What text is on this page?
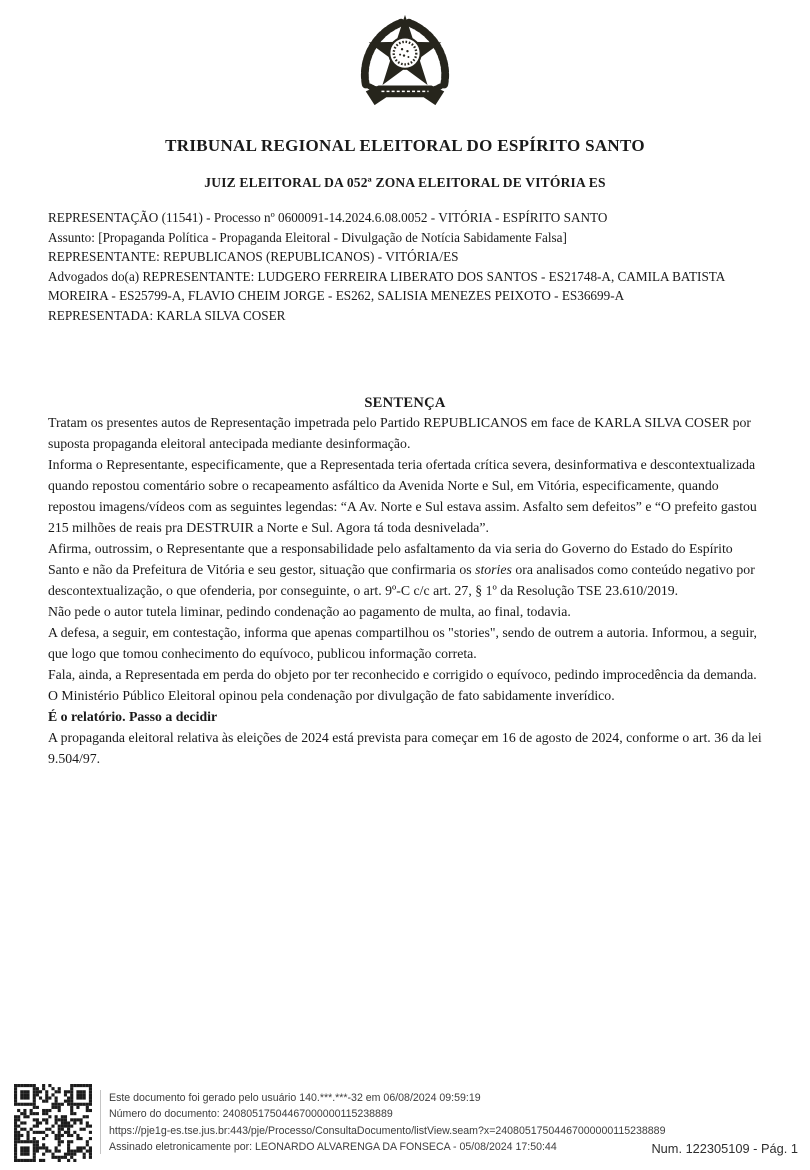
TRIBUNAL REGIONAL ELEITORAL DO ESPÍRITO SANTO
JUIZ ELEITORAL DA 052ª ZONA ELEITORAL DE VITÓRIA ES

REPRESENTAÇÃO (11541) - Processo nº 0600091-14.2024.6.08.0052 - VITÓRIA - ESPÍRITO SANTO

Assunto: [Propaganda Política - Propaganda Eleitoral - Divulgação de Notícia Sabidamente Falsa]

REPRESENTANTE: REPUBLICANOS (REPUBLICANOS) - VITÓRIA/ES

Advogados do(a) REPRESENTANTE: LUDGERO FERREIRA LIBERATO DOS SANTOS - ES21748-A, CAMILA BATISTA MOREIRA - ES25799-A, FLAVIO CHEIM JORGE - ES262, SALISIA MENEZES PEIXOTO - ES36699-A

REPRESENTADA: KARLA SILVA COSER

SENTENÇA

Tratam os presentes autos de Representação impetrada pelo Partido REPUBLICANOS em face de KARLA SILVA COSER por suposta propaganda eleitoral antecipada mediante desinformação.

Informa o Representante, especificamente, que a Representada teria ofertada crítica severa, desinformativa e descontextualizada quando repostou comentário sobre o recapeamento asfáltico da Avenida Norte e Sul, em Vitória, especificamente, quando repostou imagens/vídeos com as seguintes legendas: “A Av. Norte e Sul estava assim. Asfalto sem defeitos” e “O prefeito gastou 215 milhões de reais pra DESTRUIR a Norte e Sul. Agora tá toda desnivelada”.

Afirma, outrossim, o Representante que a responsabilidade pelo asfaltamento da via seria do Governo do Estado do Espírito Santo e não da Prefeitura de Vitória e seu gestor, situação que confirmaria os stories ora analisados como conteúdo negativo por descontextualização, o que ofenderia, por conseguinte, o art. 9º-C c/c art. 27, § 1º da Resolução TSE 23.610/2019.

Não pede o autor tutela liminar, pedindo condenação ao pagamento de multa, ao final, todavia.

A defesa, a seguir, em contestação, informa que apenas compartilhou os "stories", sendo de outrem a autoria. Informou, a seguir, que logo que tomou conhecimento do equívoco, publicou informação correta.

Fala, ainda, a Representada em perda do objeto por ter reconhecido e corrigido o equívoco, pedindo improcedência da demanda.

O Ministério Público Eleitoral opinou pela condenação por divulgação de fato sabidamente inverídico.

É o relatório. Passo a decidir

A propaganda eleitoral relativa às eleições de 2024 está prevista para começar em 16 de agosto de 2024, conforme o art. 36 da lei 9.504/97.

Este documento foi gerado pelo usuário 140.***.***-32 em 06/08/2024 09:59:19

Número do documento: 24080517504467000000115238889

https://pje1g-es.tse.jus.br:443/pje/Processo/ConsultaDocumento/listView.seam?x=24080517504467000000115238889

Assinado eletronicamente por: LEONARDO ALVARENGA DA FONSECA - 05/08/2024 17:50:44	Num. 122305109 - Pág. 1
